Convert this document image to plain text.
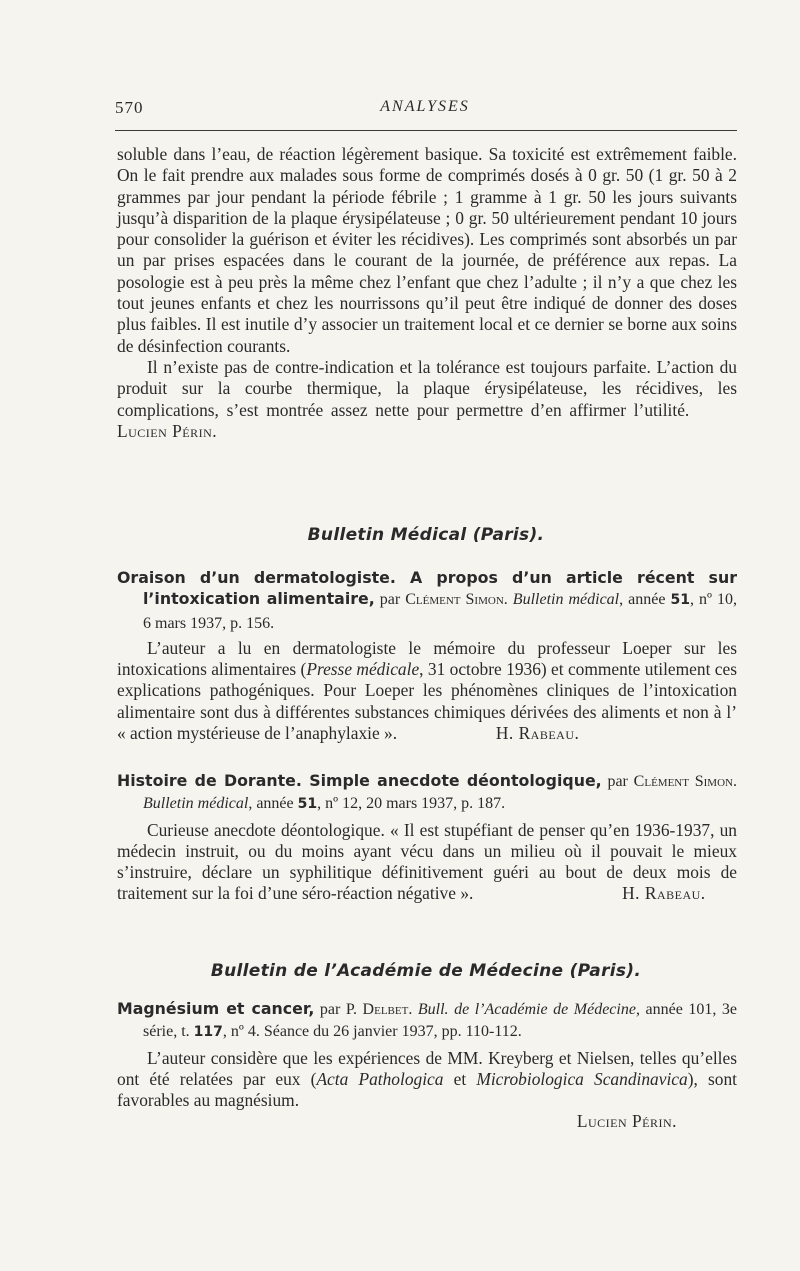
570	ANALYSES

soluble dans l’eau, de réaction légèrement basique. Sa toxicité est extrêmement faible. On le fait prendre aux malades sous forme de comprimés dosés à 0 gr. 50 (1 gr. 50 à 2 grammes par jour pendant la période fébrile ; 1 gramme à 1 gr. 50 les jours suivants jusqu’à disparition de la plaque érysipélateuse ; 0 gr. 50 ultérieurement pendant 10 jours pour consolider la guérison et éviter les récidives). Les comprimés sont absorbés un par un par prises espacées dans le courant de la journée, de préférence aux repas. La posologie est à peu près la même chez l’enfant que chez l’adulte ; il n’y a que chez les tout jeunes enfants et chez les nourrissons qu’il peut être indiqué de donner des doses plus faibles. Il est inutile d’y associer un traitement local et ce dernier se borne aux soins de désinfection courants.

Il n’existe pas de contre-indication et la tolérance est toujours parfaite. L’action du produit sur la courbe thermique, la plaque érysipélateuse, les récidives, les complications, s’est montrée assez nette pour permettre d’en affirmer l’utilité.  Lucien Périn.

Bulletin Médical (Paris).

Oraison d’un dermatologiste. A propos d’un article récent sur l’intoxication alimentaire, par Clément Simon. Bulletin médical, année 51, nº 10, 6 mars 1937, p. 156.

L’auteur a lu en dermatologiste le mémoire du professeur Loeper sur les intoxications alimentaires (Presse médicale, 31 octobre 1936) et commente utilement ces explications pathogéniques. Pour Loeper les phénomènes cliniques de l’intoxication alimentaire sont dus à différentes substances chimiques dérivées des aliments et non à l’ « action mystérieuse de l’anaphylaxie ».	H. Rabeau.

Histoire de Dorante. Simple anecdote déontologique, par Clément Simon. Bulletin médical, année 51, nº 12, 20 mars 1937, p. 187.

Curieuse anecdote déontologique. « Il est stupéfiant de penser qu’en 1936-1937, un médecin instruit, ou du moins ayant vécu dans un milieu où il pouvait le mieux s’instruire, déclare un syphilitique définitivement guéri au bout de deux mois de traitement sur la foi d’une séro-réaction négative ».	H. Rabeau.

Bulletin de l’Académie de Médecine (Paris).

Magnésium et cancer, par P. Delbet. Bull. de l’Académie de Médecine, année 101, 3e série, t. 117, nº 4. Séance du 26 janvier 1937, pp. 110-112.

L’auteur considère que les expériences de MM. Kreyberg et Nielsen, telles qu’elles ont été relatées par eux (Acta Pathologica et Microbiologica Scandinavica), sont favorables au magnésium.

Lucien Périn.
